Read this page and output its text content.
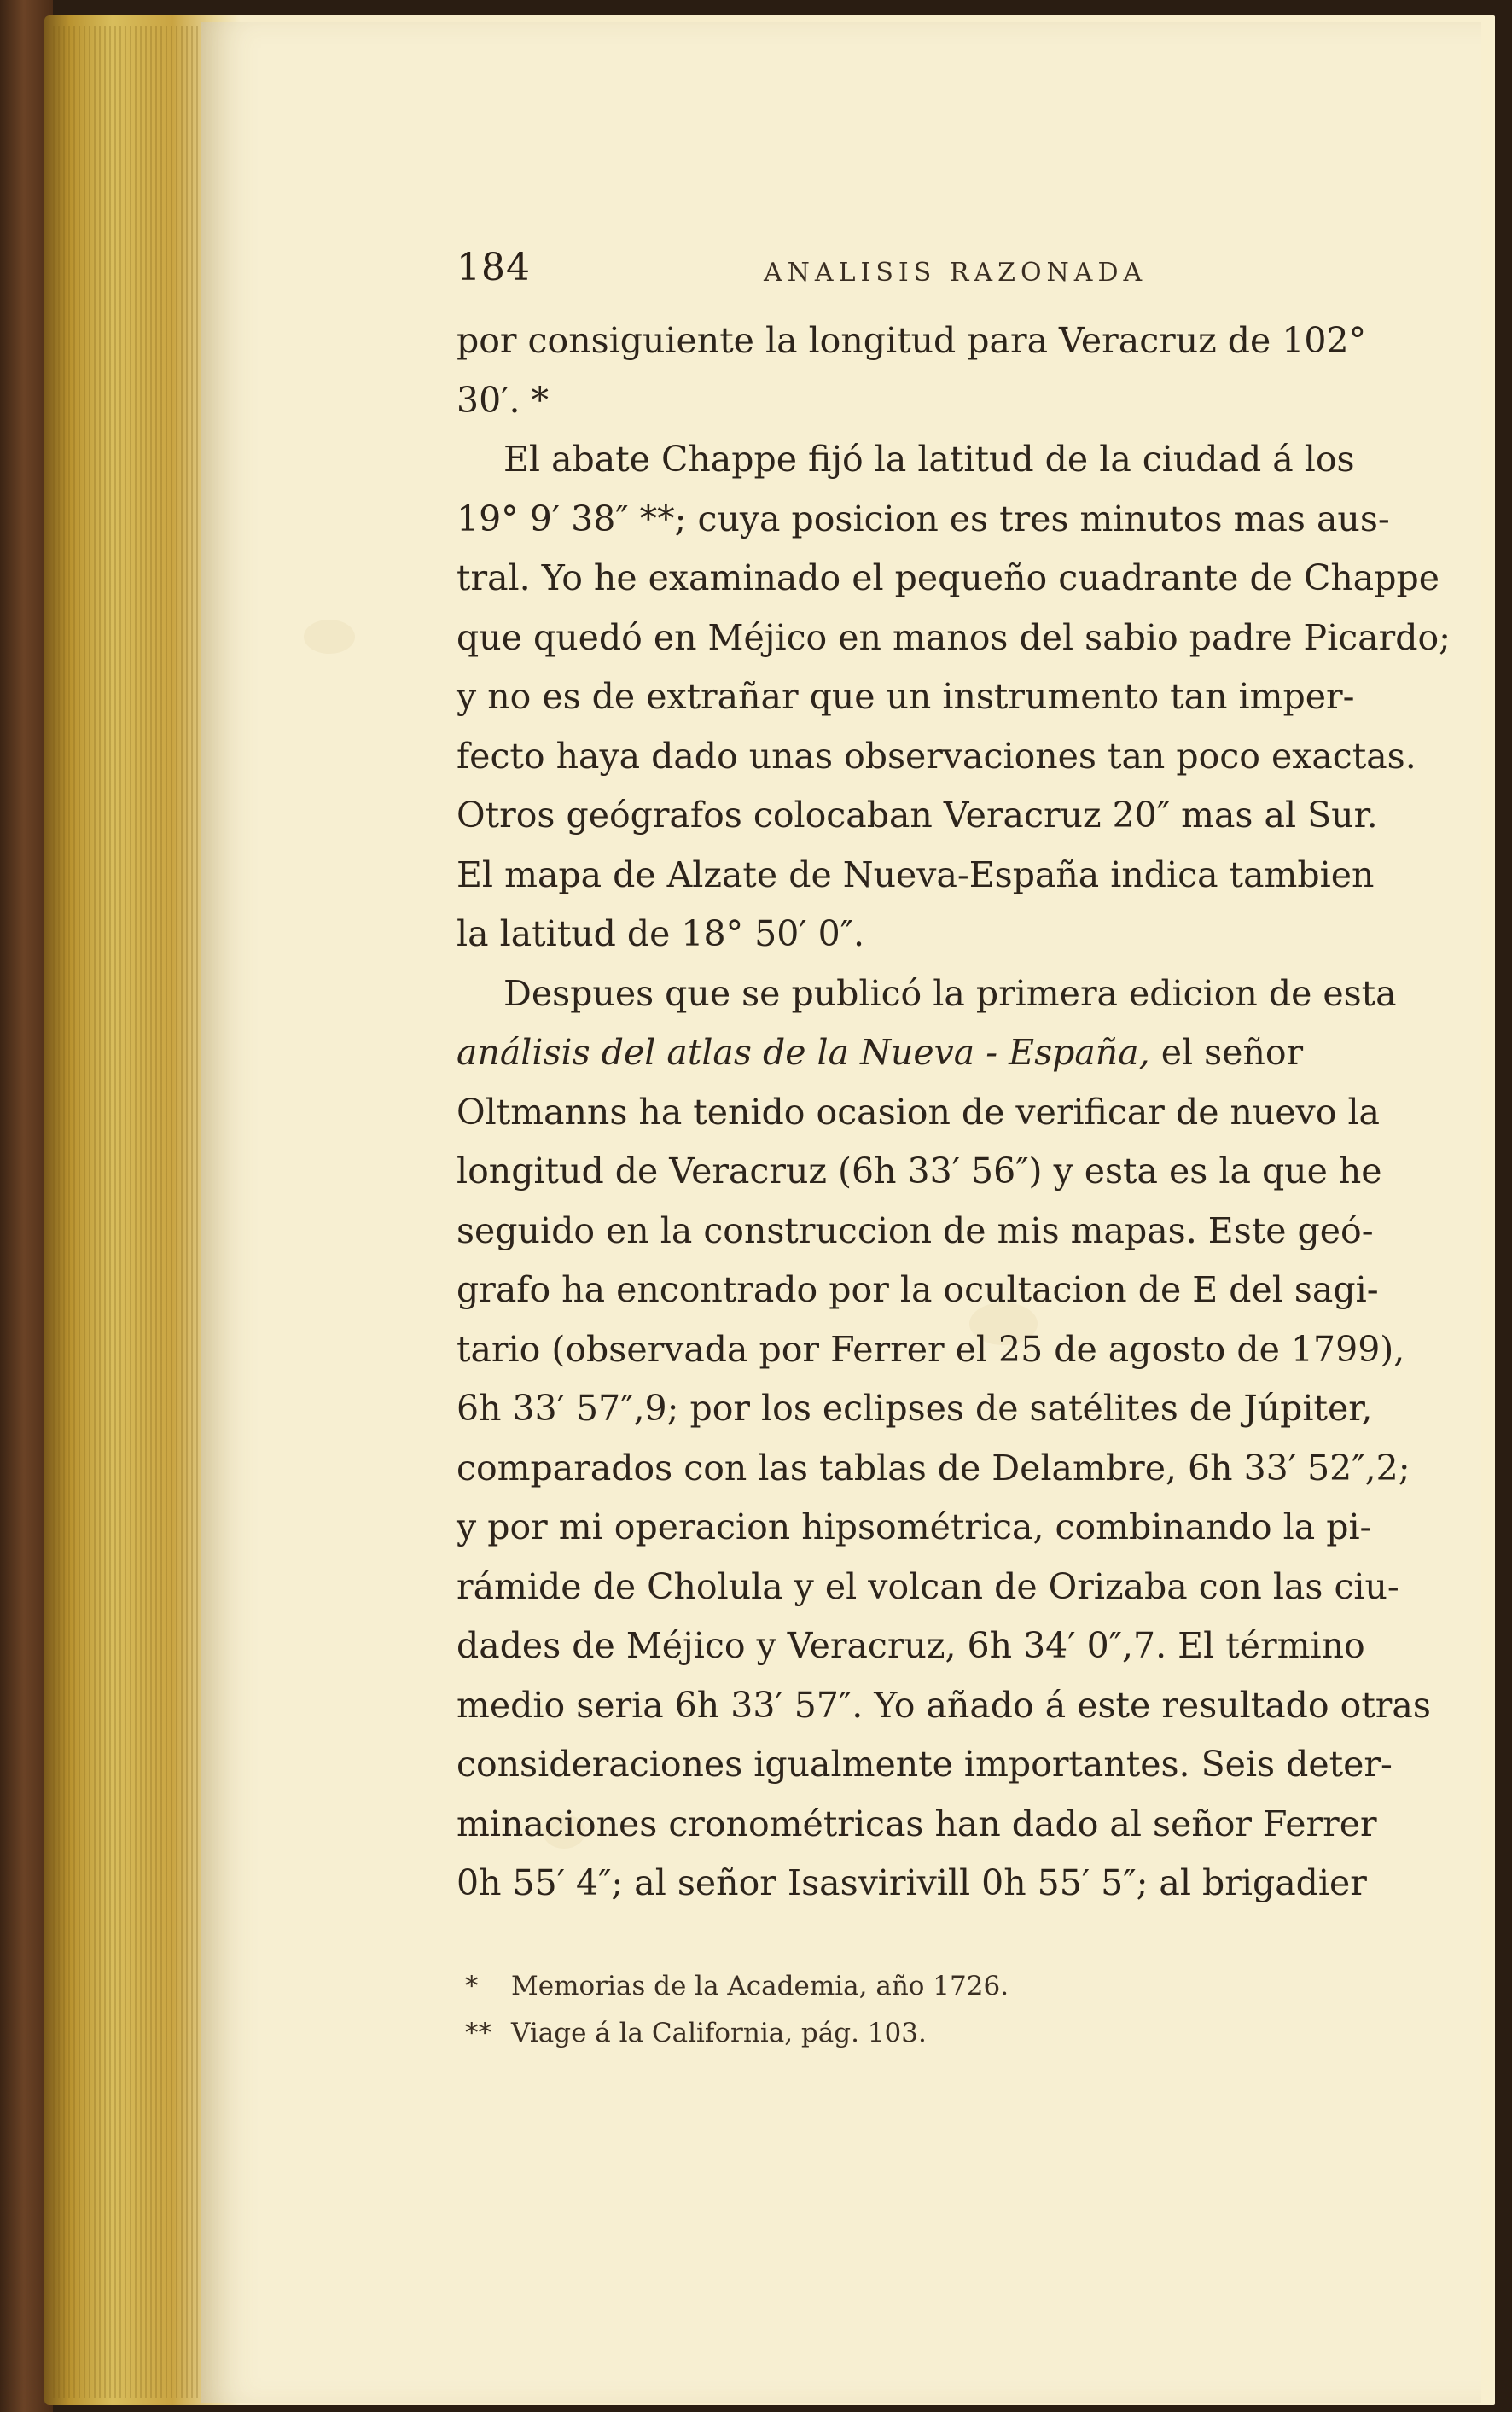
184	ANALISIS RAZONADA

por consiguiente la longitud para Veracruz de 102°
30′. *

El abate Chappe fijó la latitud de la ciudad á los
19° 9′ 38″ **; cuya posicion es tres minutos mas aus-
tral. Yo he examinado el pequeño cuadrante de Chappe
que quedó en Méjico en manos del sabio padre Picardo;
y no es de extrañar que un instrumento tan imper-
fecto haya dado unas observaciones tan poco exactas.
Otros geógrafos colocaban Veracruz 20″ mas al Sur.
El mapa de Alzate de Nueva-España indica tambien
la latitud de 18° 50′ 0″.

Despues que se publicó la primera edicion de esta
análisis del atlas de la Nueva - España, el señor
Oltmanns ha tenido ocasion de verificar de nuevo la
longitud de Veracruz (6h 33′ 56″) y esta es la que he
seguido en la construccion de mis mapas. Este geó-
grafo ha encontrado por la ocultacion de E del sagi-
tario (observada por Ferrer el 25 de agosto de 1799),
6h 33′ 57″,9; por los eclipses de satélites de Júpiter,
comparados con las tablas de Delambre, 6h 33′ 52″,2;
y por mi operacion hipsométrica, combinando la pi-
rámide de Cholula y el volcan de Orizaba con las ciu-
dades de Méjico y Veracruz, 6h 34′ 0″,7. El término
medio seria 6h 33′ 57″. Yo añado á este resultado otras
consideraciones igualmente importantes. Seis deter-
minaciones cronométricas han dado al señor Ferrer
0h 55′ 4″; al señor Isasvirivill 0h 55′ 5″; al brigadier

* Memorias de la Academia, año 1726.
** Viage á la California, pág. 103.
